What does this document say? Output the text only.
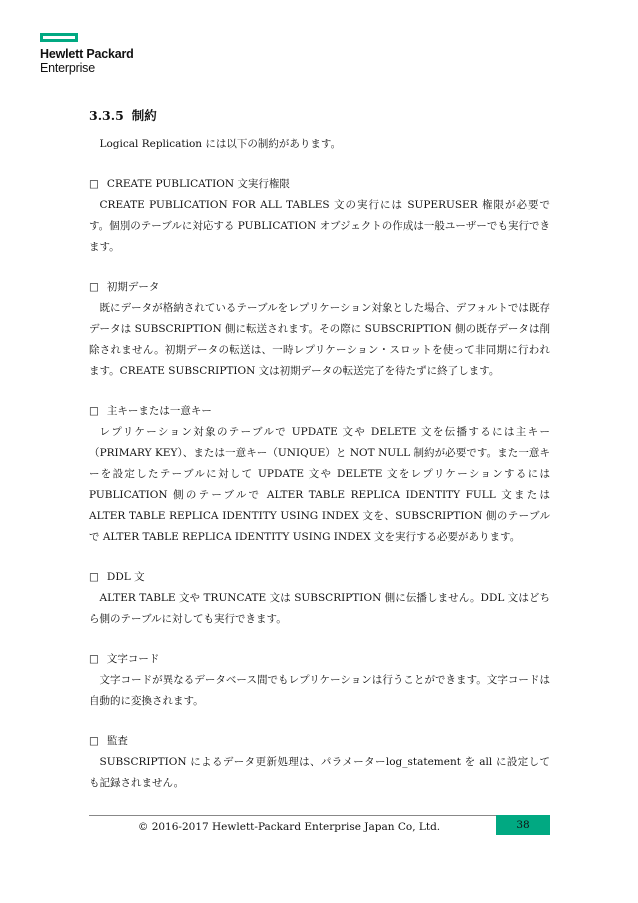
Hewlett Packard
Enterprise
3.3.5 制約

Logical Replication には以下の制約があります。

□ CREATE PUBLICATION 文実行権限

CREATE PUBLICATION FOR ALL TABLES 文の実行には SUPERUSER 権限が必要です。個別のテーブルに対応する PUBLICATION オブジェクトの作成は一般ユーザーでも実行できます。

□ 初期データ

既にデータが格納されているテーブルをレプリケーション対象とした場合、デフォルトでは既存データは SUBSCRIPTION 側に転送されます。その際に SUBSCRIPTION 側の既存データは削除されません。初期データの転送は、一時レプリケーション・スロットを使って非同期に行われます。CREATE SUBSCRIPTION 文は初期データの転送完了を待たずに終了します。

□ 主キーまたは一意キー

レプリケーション対象のテーブルで UPDATE 文や DELETE 文を伝播するには主キー（PRIMARY KEY）、または一意キー（UNIQUE）と NOT NULL 制約が必要です。また一意キーを設定したテーブルに対して UPDATE 文や DELETE 文をレプリケーションするには PUBLICATION 側のテーブルで ALTER TABLE REPLICA IDENTITY FULL 文または ALTER TABLE REPLICA IDENTITY USING INDEX 文を、SUBSCRIPTION 側のテーブルで ALTER TABLE REPLICA IDENTITY USING INDEX 文を実行する必要があります。

□ DDL 文

ALTER TABLE 文や TRUNCATE 文は SUBSCRIPTION 側に伝播しません。DDL 文はどちら側のテーブルに対しても実行できます。

□ 文字コード

文字コードが異なるデータベース間でもレプリケーションは行うことができます。文字コードは自動的に変換されます。

□ 監査

SUBSCRIPTION によるデータ更新処理は、パラメーターlog_statement を all に設定しても記録されません。

© 2016-2017 Hewlett-Packard Enterprise Japan Co, Ltd.	38
